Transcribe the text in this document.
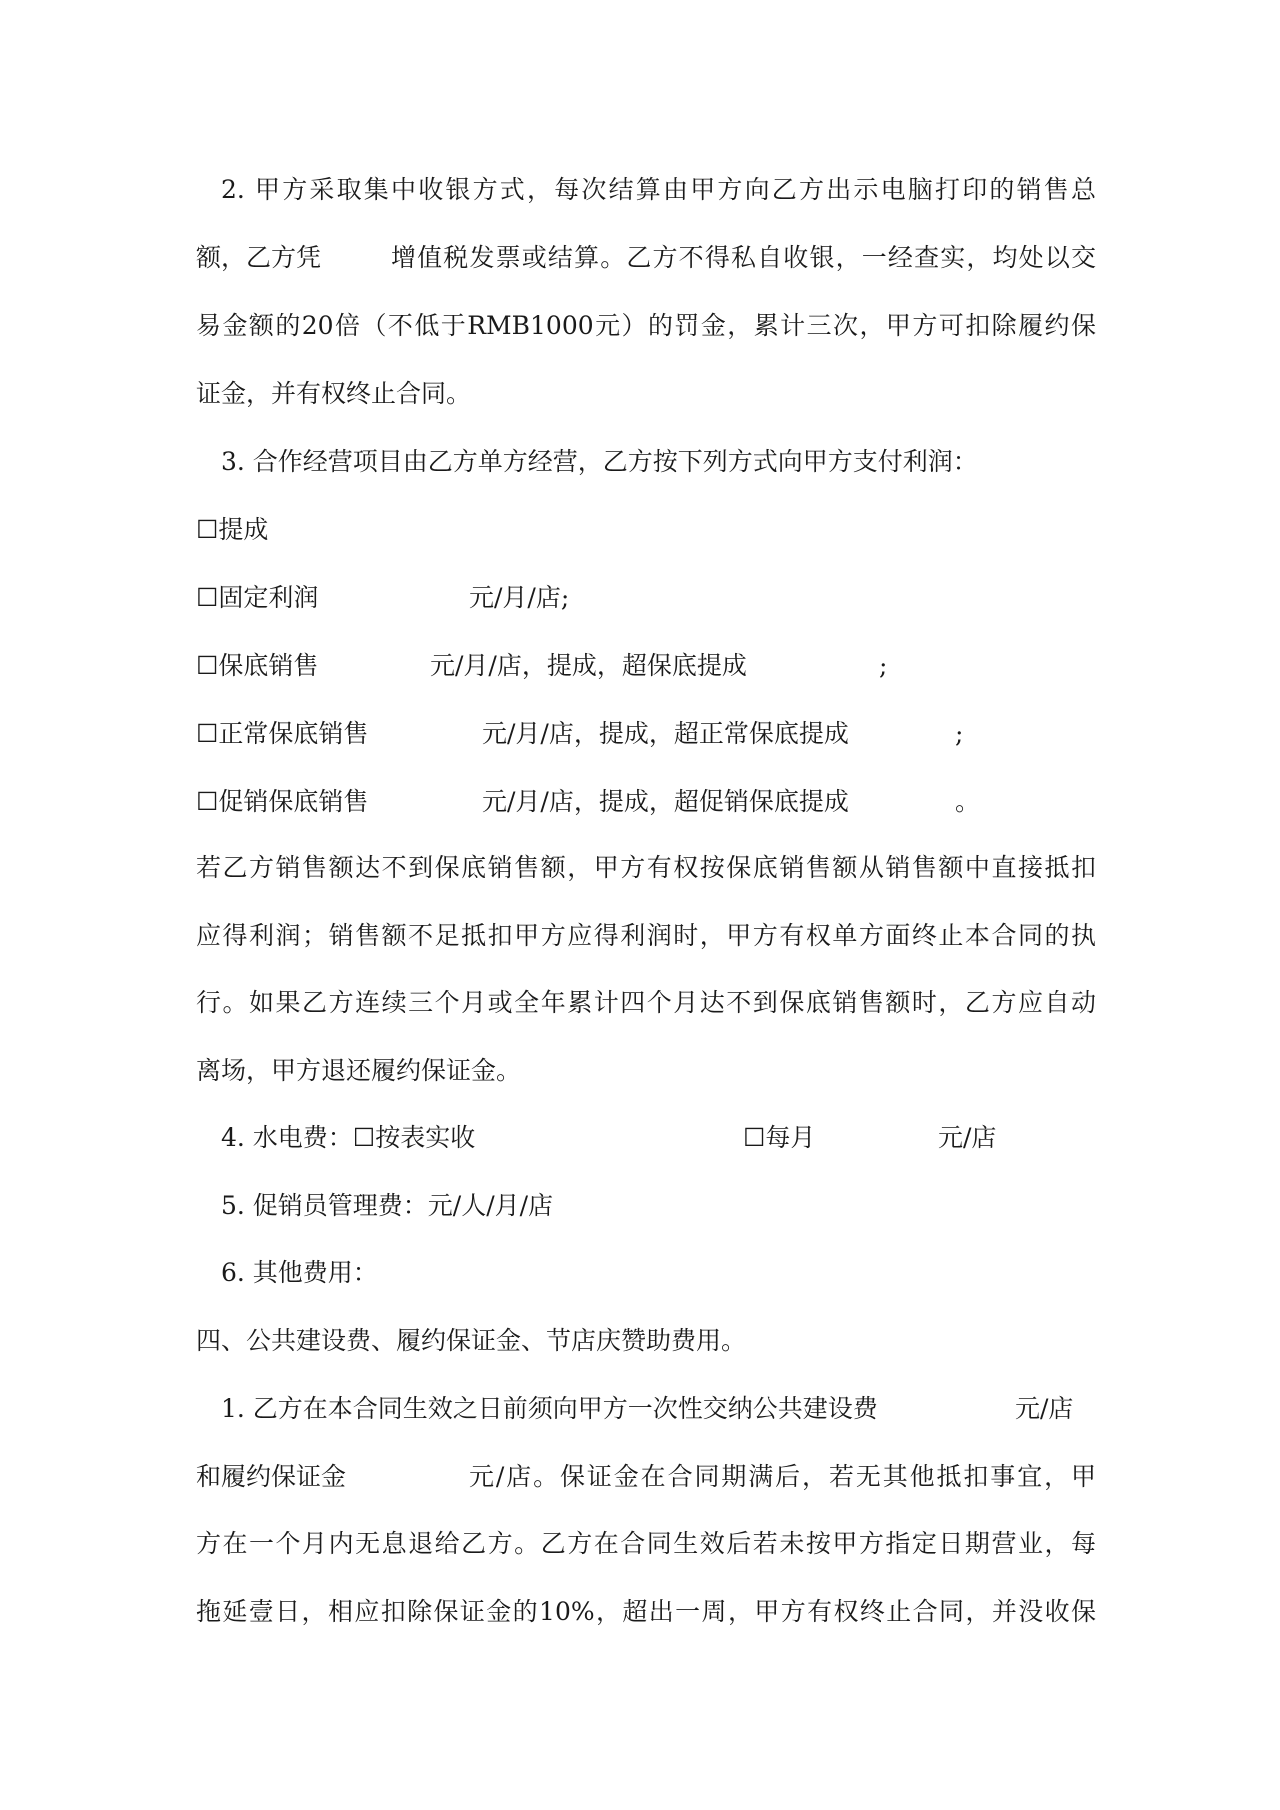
2. 甲方采取集中收银方式，每次结算由甲方向乙方出示电脑打印的销售总
额，乙方凭	增值税发票或结算。乙方不得私自收银，一经查实，均处以交
易金额的20倍（不低于RMB1000元）的罚金，累计三次，甲方可扣除履约保
证金，并有权终止合同。
3. 合作经营项目由乙方单方经营，乙方按下列方式向甲方支付利润：
☐提成
☐固定利润	元/月/店;
☐保底销售	元/月/店，提成，超保底提成	;
☐正常保底销售	元/月/店，提成，超正常保底提成	;
☐促销保底销售	元/月/店，提成，超促销保底提成	。
若乙方销售额达不到保底销售额，甲方有权按保底销售额从销售额中直接抵扣
应得利润；销售额不足抵扣甲方应得利润时，甲方有权单方面终止本合同的执
行。如果乙方连续三个月或全年累计四个月达不到保底销售额时，乙方应自动
离场，甲方退还履约保证金。
4. 水电费：☐按表实收	☐每月	元/店
5. 促销员管理费：元/人/月/店
6. 其他费用：
四、公共建设费、履约保证金、节店庆赞助费用。
1. 乙方在本合同生效之日前须向甲方一次性交纳公共建设费	元/店
和履约保证金	元/店。保证金在合同期满后，若无其他抵扣事宜，甲
方在一个月内无息退给乙方。乙方在合同生效后若未按甲方指定日期营业，每
拖延壹日，相应扣除保证金的10%，超出一周，甲方有权终止合同，并没收保
